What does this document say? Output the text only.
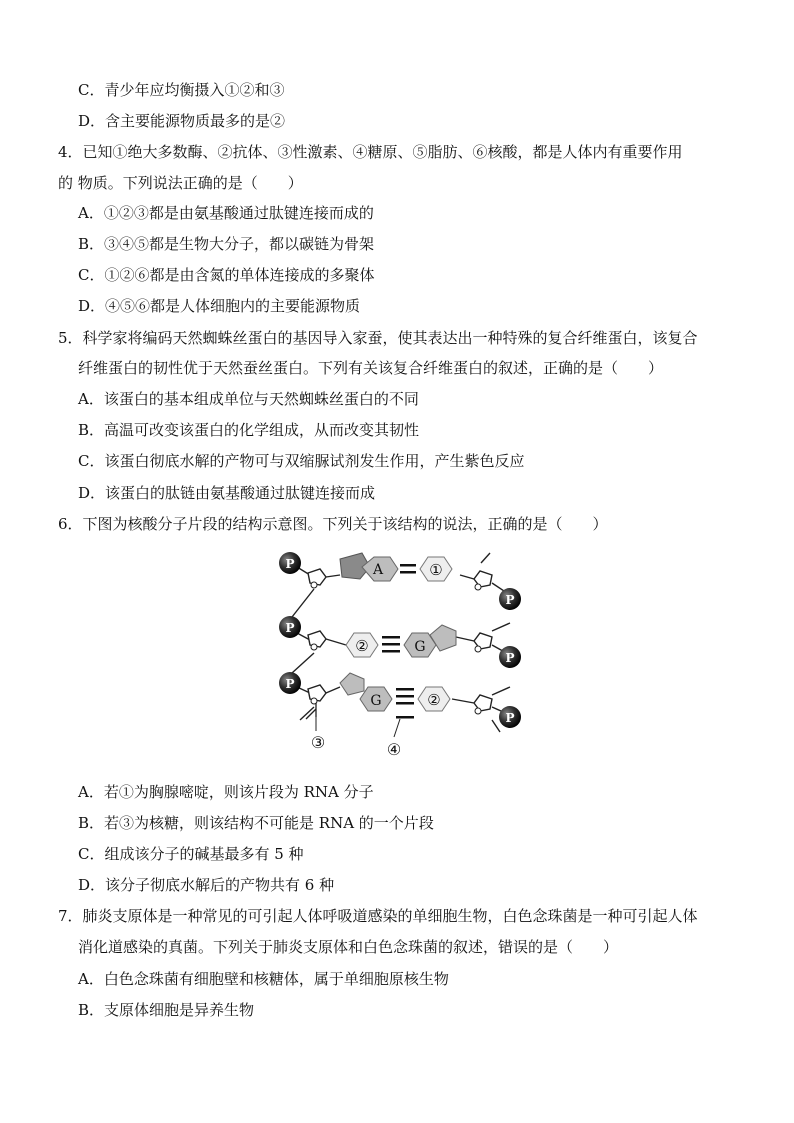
C．青少年应均衡摄入①②和③
D．含主要能源物质最多的是②
4．已知①绝大多数酶、②抗体、③性激素、④糖原、⑤脂肪、⑥核酸，都是人体内有重要作用
的 物质。下列说法正确的是（　　）
A．①②③都是由氨基酸通过肽键连接而成的
B．③④⑤都是生物大分子，都以碳链为骨架
C．①②⑥都是由含氮的单体连接成的多聚体
D．④⑤⑥都是人体细胞内的主要能源物质
5．科学家将编码天然蜘蛛丝蛋白的基因导入家蚕，使其表达出一种特殊的复合纤维蛋白，该复合
纤维蛋白的韧性优于天然蚕丝蛋白。下列有关该复合纤维蛋白的叙述，正确的是（　　）
A．该蛋白的基本组成单位与天然蜘蛛丝蛋白的不同
B．高温可改变该蛋白的化学组成，从而改变其韧性
C．该蛋白彻底水解的产物可与双缩脲试剂发生作用，产生紫色反应
D．该蛋白的肽链由氨基酸通过肽键连接而成
6．下图为核酸分子片段的结构示意图。下列关于该结构的说法，正确的是（　　）
A	①
②	G
G	②
③	④
P
P
P
P
P
P
A．若①为胸腺嘧啶，则该片段为 RNA 分子
B．若③为核糖，则该结构不可能是 RNA 的一个片段
C．组成该分子的碱基最多有 5 种
D．该分子彻底水解后的产物共有 6 种
7．肺炎支原体是一种常见的可引起人体呼吸道感染的单细胞生物，白色念珠菌是一种可引起人体
消化道感染的真菌。下列关于肺炎支原体和白色念珠菌的叙述，错误的是（　　）
A．白色念珠菌有细胞壁和核糖体，属于单细胞原核生物
B．支原体细胞是异养生物
